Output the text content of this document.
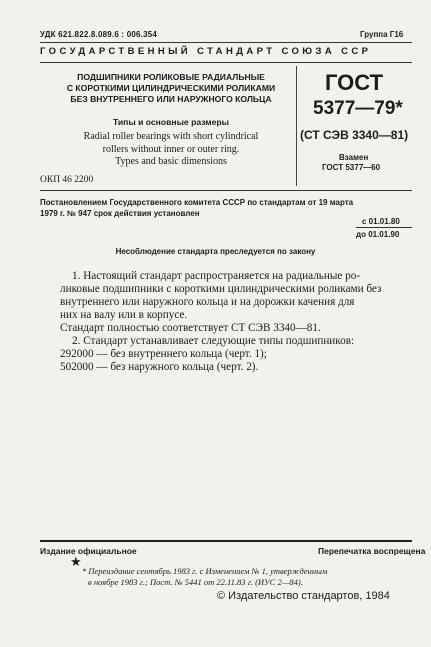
УДК 621.822.8.089.6 : 006.354	Группа Г16
ГОСУДАРСТВЕННЫЙ СТАНДАРТ СОЮЗА ССР
ПОДШИПНИКИ РОЛИКОВЫЕ РАДИАЛЬНЫЕ
С КОРОТКИМИ ЦИЛИНДРИЧЕСКИМИ РОЛИКАМИ
БЕЗ ВНУТРЕННЕГО ИЛИ НАРУЖНОГО КОЛЬЦА
Типы и основные размеры
Radial roller bearings with short cylindrical
rollers without inner or outer ring.
Types and basic dimensions
ОКП 46 2200
ГОСТ
5377—79*
(СТ СЭВ 3340—81)
Взамен
ГОСТ 5377—60
Постановлением Государственного комитета СССР по стандартам от 19 марта
1979 г. № 947 срок действия установлен
с 01.01.80
до 01.01.90
Несоблюдение стандарта преследуется по закону
1. Настоящий стандарт распространяется на радиальные ро-
ликовые подшипники с короткими цилиндрическими роликами без
внутреннего или наружного кольца и на дорожки качения для
них на валу или в корпусе.
Стандарт полностью соответствует СТ СЭВ 3340—81.
2. Стандарт устанавливает следующие типы подшипников:
292000 — без внутреннего кольца (черт. 1);
502000 — без наружного кольца (черт. 2).
Издание официальное	Перепечатка воспрещена
★
* Переиздание сентябрь 1983 г. с Изменением № 1, утвержденным
в ноябре 1983 г.; Пост. № 5441 от 22.11.83 г. (ИУС 2—84).
© Издательство стандартов, 1984
